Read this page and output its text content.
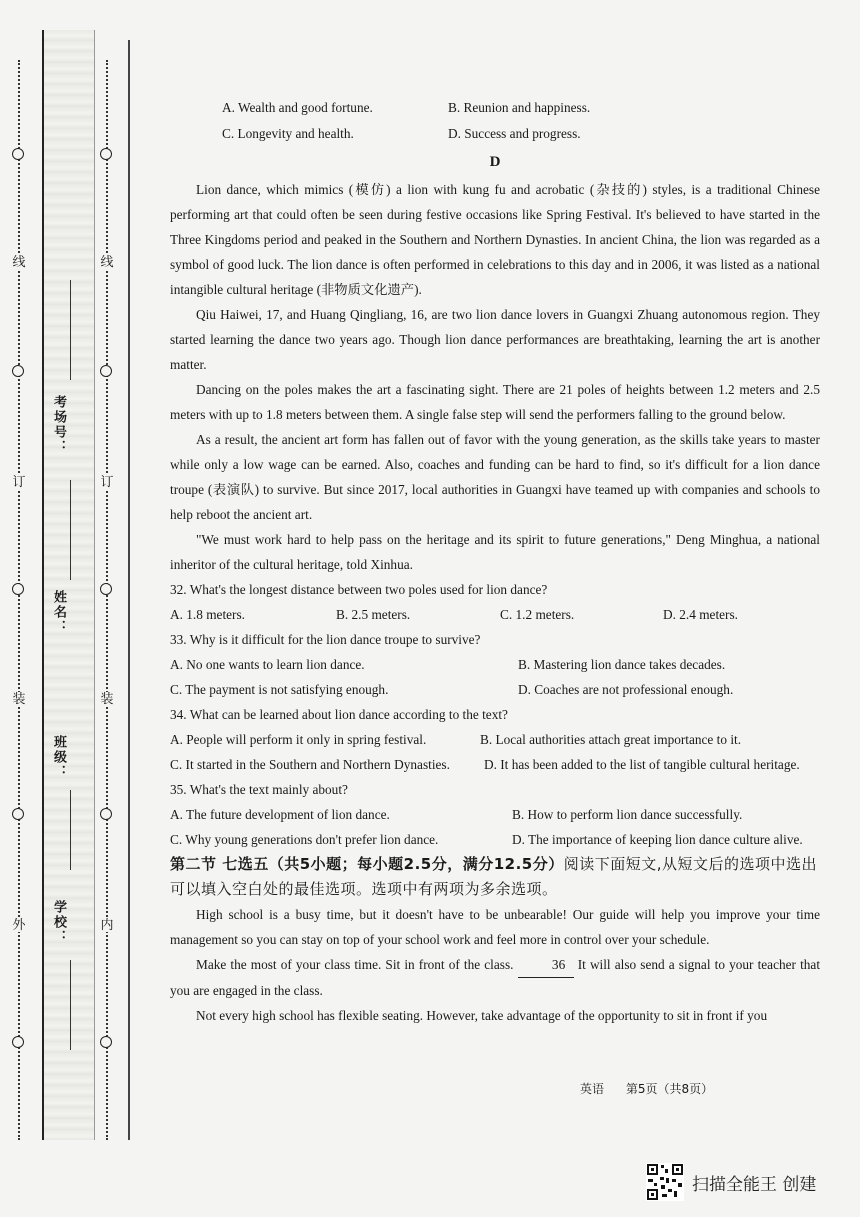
线
订
装
外
线
订
装
内
考场号：
姓名：
班级：
学校：
A. Wealth and good fortune.	B. Reunion and happiness.
C. Longevity and health.	D. Success and progress.
D

Lion dance, which mimics (模仿) a lion with kung fu and acrobatic (杂技的) styles, is a traditional Chinese performing art that could often be seen during festive occasions like Spring Festival. It's believed to have started in the Three Kingdoms period and peaked in the Southern and Northern Dynasties. In ancient China, the lion was regarded as a symbol of good luck. The lion dance is often performed in celebrations to this day and in 2006, it was listed as a national intangible cultural heritage (非物质文化遗产).

Qiu Haiwei, 17, and Huang Qingliang, 16, are two lion dance lovers in Guangxi Zhuang autonomous region. They started learning the dance two years ago. Though lion dance performances are breathtaking, learning the art is another matter.

Dancing on the poles makes the art a fascinating sight. There are 21 poles of heights between 1.2 meters and 2.5 meters with up to 1.8 meters between them. A single false step will send the performers falling to the ground below.

As a result, the ancient art form has fallen out of favor with the young generation, as the skills take years to master while only a low wage can be earned. Also, coaches and funding can be hard to find, so it's difficult for a lion dance troupe (表演队) to survive. But since 2017, local authorities in Guangxi have teamed up with companies and schools to help reboot the ancient art.

"We must work hard to help pass on the heritage and its spirit to future generations," Deng Minghua, a national inheritor of the cultural heritage, told Xinhua.

32. What's the longest distance between two poles used for lion dance?

A. 1.8 meters.	B. 2.5 meters.	C. 1.2 meters.	D. 2.4 meters.

33. Why is it difficult for the lion dance troupe to survive?

A. No one wants to learn lion dance.	B. Mastering lion dance takes decades.
C. The payment is not satisfying enough.	D. Coaches are not professional enough.

34. What can be learned about lion dance according to the text?

A. People will perform it only in spring festival.	B. Local authorities attach great importance to it.
C. It started in the Southern and Northern Dynasties.	D. It has been added to the list of tangible cultural heritage.

35. What's the text mainly about?

A. The future development of lion dance.	B. How to perform lion dance successfully.
C. Why young generations don't prefer lion dance.	D. The importance of keeping lion dance culture alive.

第二节 七选五（共5小题；每小题2.5分，满分12.5分）阅读下面短文,从短文后的选项中选出可以填入空白处的最佳选项。选项中有两项为多余选项。

High school is a busy time, but it doesn't have to be unbearable! Our guide will help you improve your time management so you can stay on top of your school work and feel more in control over your schedule.

Make the most of your class time. Sit in front of the class.	36 It will also send a signal to your teacher that you are engaged in the class.

Not every high school has flexible seating. However, take advantage of the opportunity to sit in front if you

英语 第5页（共8页）
扫描全能王 创建
